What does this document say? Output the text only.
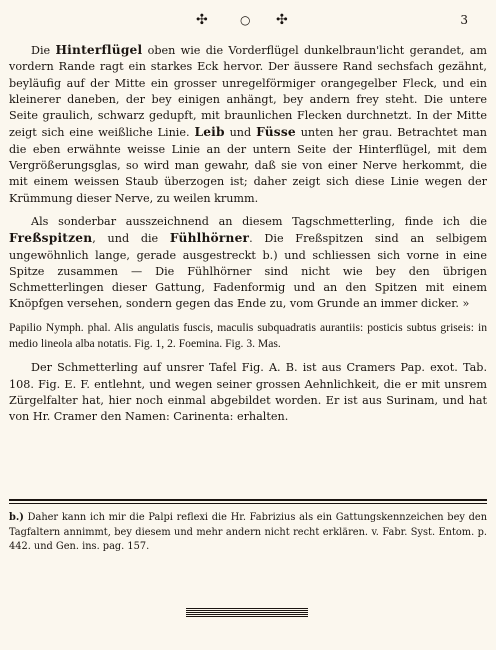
✣	○ ✣	3

Die Hinterflügel oben wie die Vorderflügel dunkelbraun'licht gerandet, am vordern Rande ragt ein starkes Eck hervor. Der äussere Rand sechsfach gezähnt, beyläufig auf der Mitte ein grosser unregelförmiger orangegelber Fleck, und ein kleinerer daneben, der bey einigen anhängt, bey andern frey steht. Die untere Seite graulich, schwarz gedupft, mit braunlichen Flecken durchnetzt. In der Mitte zeigt sich eine weißliche Linie. Leib und Füsse unten her grau. Betrachtet man die eben erwähnte weisse Linie an der untern Seite der Hinterflügel, mit dem Vergrößerungsglas, so wird man gewahr, daß sie von einer Nerve herkommt, die mit einem weissen Staub überzogen ist; daher zeigt sich diese Linie wegen der Krümmung dieser Nerve, zu weilen krumm.

Als sonderbar ausszeichnend an diesem Tagschmetterling, finde ich die Freßspitzen, und die Fühlhörner. Die Freßspitzen sind an selbigem ungewöhnlich lange, gerade ausgestreckt b.) und schliessen sich vorne in eine Spitze zusammen — Die Fühlhörner sind nicht wie bey den übrigen Schmetterlingen dieser Gattung, Fadenformig und an den Spitzen mit einem Knöpfgen versehen, sondern gegen das Ende zu, vom Grunde an immer dicker. »

Papilio Nymph. phal. Alis angulatis fuscis, maculis subquadratis aurantiis: posticis subtus griseis: in medio lineola alba notatis. Fig. 1, 2. Foemina. Fig. 3. Mas.

Der Schmetterling auf unsrer Tafel Fig. A. B. ist aus Cramers Pap. exot. Tab. 108. Fig. E. F. entlehnt, und wegen seiner grossen Aehnlichkeit, die er mit unsrem Zürgelfalter hat, hier noch einmal abgebildet worden. Er ist aus Surinam, und hat von Hr. Cramer den Namen: Carinenta: erhalten.

b.) Daher kann ich mir die Palpi reflexi die Hr. Fabrizius als ein Gattungskennzeichen bey den Tagfaltern annimmt, bey diesem und mehr andern nicht recht erklären. v. Fabr. Syst. Entom. p. 442. und Gen. ins. pag. 157.
